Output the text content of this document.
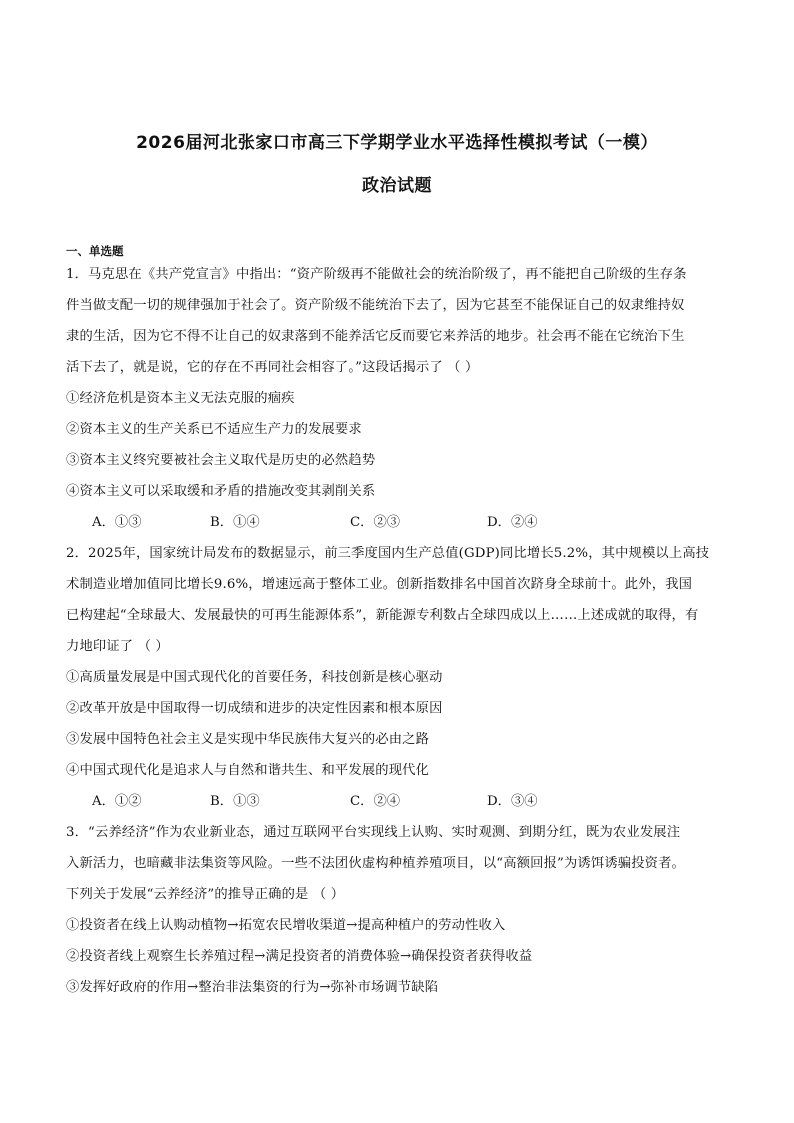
2026届河北张家口市高三下学期学业水平选择性模拟考试（一模）
政治试题
一、单选题
1．马克思在《共产党宣言》中指出：“资产阶级再不能做社会的统治阶级了，再不能把自己阶级的生存条
件当做支配一切的规律强加于社会了。资产阶级不能统治下去了，因为它甚至不能保证自己的奴隶维持奴
隶的生活，因为它不得不让自己的奴隶落到不能养活它反而要它来养活的地步。社会再不能在它统治下生
活下去了，就是说，它的存在不再同社会相容了。”这段话揭示了 （ ）
①经济危机是资本主义无法克服的痼疾
②资本主义的生产关系已不适应生产力的发展要求
③资本主义终究要被社会主义取代是历史的必然趋势
④资本主义可以采取缓和矛盾的措施改变其剥削关系
A．①③	B．①④	C．②③	D．②④
2．2025年，国家统计局发布的数据显示，前三季度国内生产总值(GDP)同比增长5.2%，其中规模以上高技
术制造业增加值同比增长9.6%，增速远高于整体工业。创新指数排名中国首次跻身全球前十。此外，我国
已构建起“全球最大、发展最快的可再生能源体系”，新能源专利数占全球四成以上……上述成就的取得，有
力地印证了 （ ）
①高质量发展是中国式现代化的首要任务，科技创新是核心驱动
②改革开放是中国取得一切成绩和进步的决定性因素和根本原因
③发展中国特色社会主义是实现中华民族伟大复兴的必由之路
④中国式现代化是追求人与自然和谐共生、和平发展的现代化
A．①②	B．①③	C．②④	D．③④
3．“云养经济”作为农业新业态，通过互联网平台实现线上认购、实时观测、到期分红，既为农业发展注
入新活力，也暗藏非法集资等风险。一些不法团伙虚构种植养殖项目，以“高额回报”为诱饵诱骗投资者。
下列关于发展“云养经济”的推导正确的是 （ ）
①投资者在线上认购动植物→拓宽农民增收渠道→提高种植户的劳动性收入
②投资者线上观察生长养殖过程→满足投资者的消费体验→确保投资者获得收益
③发挥好政府的作用→整治非法集资的行为→弥补市场调节缺陷
